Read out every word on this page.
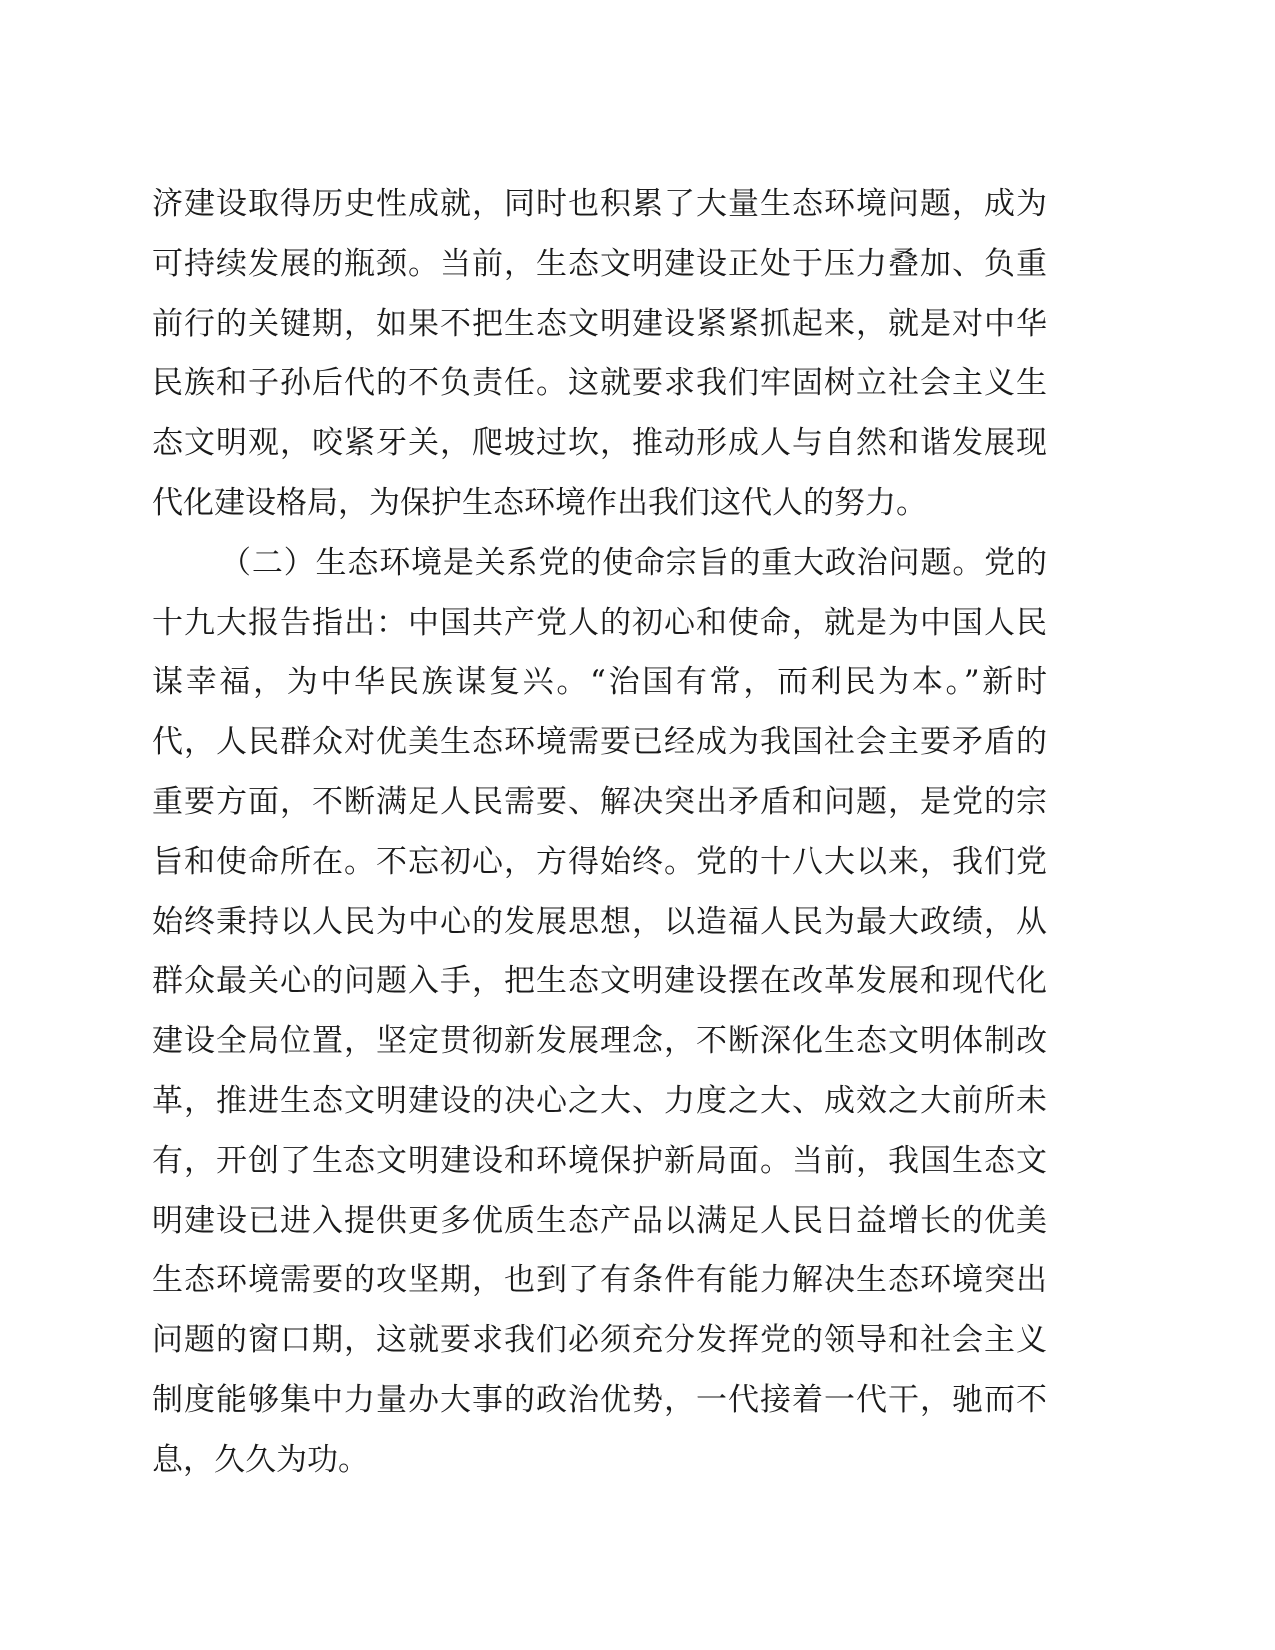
济建设取得历史性成就，同时也积累了大量生态环境问题，成为
可持续发展的瓶颈。当前，生态文明建设正处于压力叠加、负重
前行的关键期，如果不把生态文明建设紧紧抓起来，就是对中华
民族和子孙后代的不负责任。这就要求我们牢固树立社会主义生
态文明观，咬紧牙关，爬坡过坎，推动形成人与自然和谐发展现
代化建设格局，为保护生态环境作出我们这代人的努力。
（二）生态环境是关系党的使命宗旨的重大政治问题。党的
十九大报告指出：中国共产党人的初心和使命，就是为中国人民
谋幸福，为中华民族谋复兴。“治国有常，而利民为本。”新时
代，人民群众对优美生态环境需要已经成为我国社会主要矛盾的
重要方面，不断满足人民需要、解决突出矛盾和问题，是党的宗
旨和使命所在。不忘初心，方得始终。党的十八大以来，我们党
始终秉持以人民为中心的发展思想，以造福人民为最大政绩，从
群众最关心的问题入手，把生态文明建设摆在改革发展和现代化
建设全局位置，坚定贯彻新发展理念，不断深化生态文明体制改
革，推进生态文明建设的决心之大、力度之大、成效之大前所未
有，开创了生态文明建设和环境保护新局面。当前，我国生态文
明建设已进入提供更多优质生态产品以满足人民日益增长的优美
生态环境需要的攻坚期，也到了有条件有能力解决生态环境突出
问题的窗口期，这就要求我们必须充分发挥党的领导和社会主义
制度能够集中力量办大事的政治优势，一代接着一代干，驰而不
息，久久为功。
